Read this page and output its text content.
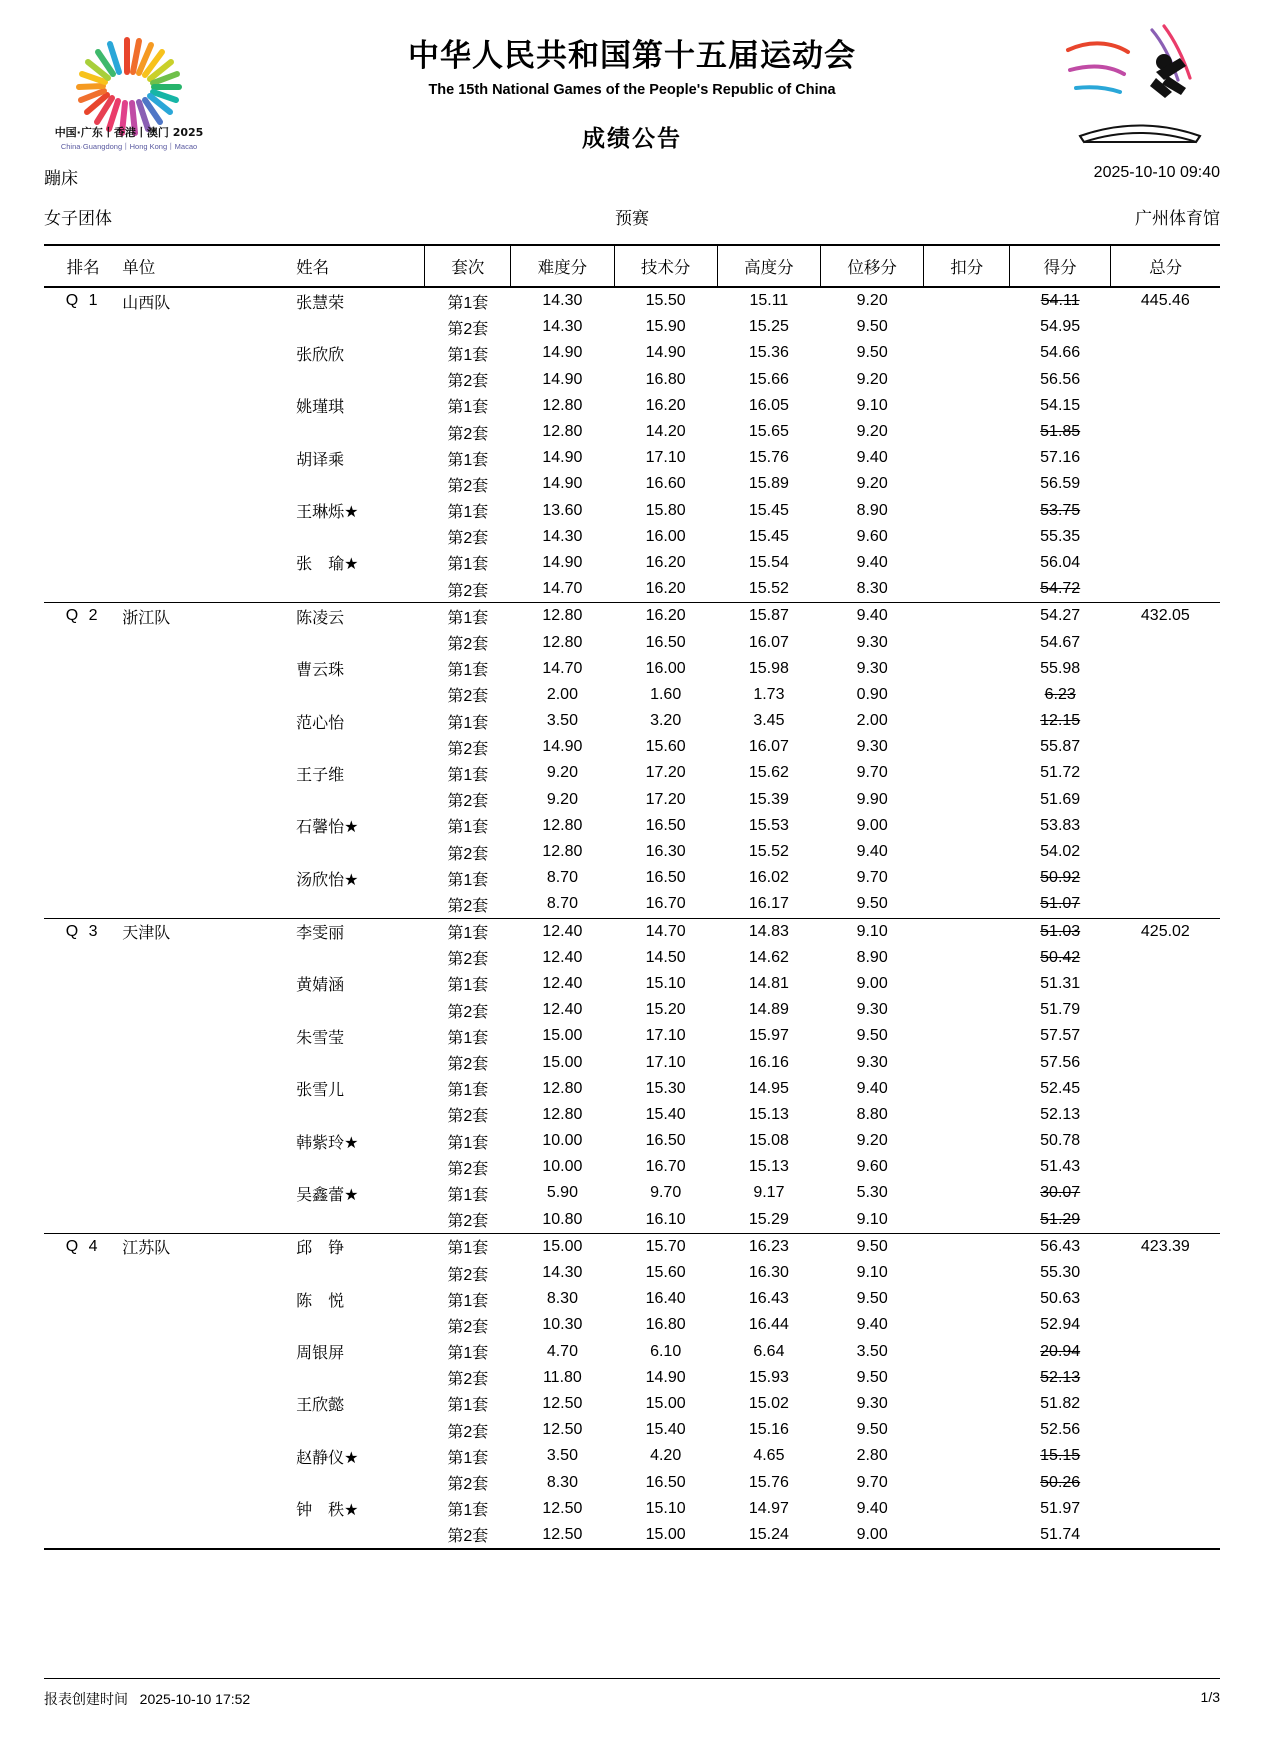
中国·广东丨香港丨澳门 2025
China·Guangdong丨Hong Kong丨Macao
中华人民共和国第十五届运动会
The 15th National Games of the People's Republic of China
成绩公告
蹦床	2025-10-10 09:40
女子团体	预赛	广州体育馆
排名	单位	姓名	套次	难度分	技术分	高度分	位移分	扣分	得分	总分
Q 1	山西队	张慧荣	第1套	14.30	15.50	15.11	9.20		54.11	445.46
			第2套	14.30	15.90	15.25	9.50		54.95	
		张欣欣	第1套	14.90	14.90	15.36	9.50		54.66	
			第2套	14.90	16.80	15.66	9.20		56.56	
		姚瑾琪	第1套	12.80	16.20	16.05	9.10		54.15	
			第2套	12.80	14.20	15.65	9.20		51.85	
		胡译乘	第1套	14.90	17.10	15.76	9.40		57.16	
			第2套	14.90	16.60	15.89	9.20		56.59	
		王琳烁★	第1套	13.60	15.80	15.45	8.90		53.75	
			第2套	14.30	16.00	15.45	9.60		55.35	
		张　瑜★	第1套	14.90	16.20	15.54	9.40		56.04	
			第2套	14.70	16.20	15.52	8.30		54.72	
Q 2	浙江队	陈凌云	第1套	12.80	16.20	15.87	9.40		54.27	432.05
			第2套	12.80	16.50	16.07	9.30		54.67	
		曹云珠	第1套	14.70	16.00	15.98	9.30		55.98	
			第2套	2.00	1.60	1.73	0.90		6.23	
		范心怡	第1套	3.50	3.20	3.45	2.00		12.15	
			第2套	14.90	15.60	16.07	9.30		55.87	
		王子维	第1套	9.20	17.20	15.62	9.70		51.72	
			第2套	9.20	17.20	15.39	9.90		51.69	
		石馨怡★	第1套	12.80	16.50	15.53	9.00		53.83	
			第2套	12.80	16.30	15.52	9.40		54.02	
		汤欣怡★	第1套	8.70	16.50	16.02	9.70		50.92	
			第2套	8.70	16.70	16.17	9.50		51.07	
Q 3	天津队	李雯丽	第1套	12.40	14.70	14.83	9.10		51.03	425.02
			第2套	12.40	14.50	14.62	8.90		50.42	
		黄婧涵	第1套	12.40	15.10	14.81	9.00		51.31	
			第2套	12.40	15.20	14.89	9.30		51.79	
		朱雪莹	第1套	15.00	17.10	15.97	9.50		57.57	
			第2套	15.00	17.10	16.16	9.30		57.56	
		张雪儿	第1套	12.80	15.30	14.95	9.40		52.45	
			第2套	12.80	15.40	15.13	8.80		52.13	
		韩紫玲★	第1套	10.00	16.50	15.08	9.20		50.78	
			第2套	10.00	16.70	15.13	9.60		51.43	
		吴鑫蕾★	第1套	5.90	9.70	9.17	5.30		30.07	
			第2套	10.80	16.10	15.29	9.10		51.29	
Q 4	江苏队	邱　铮	第1套	15.00	15.70	16.23	9.50		56.43	423.39
			第2套	14.30	15.60	16.30	9.10		55.30	
		陈　悦	第1套	8.30	16.40	16.43	9.50		50.63	
			第2套	10.30	16.80	16.44	9.40		52.94	
		周银屏	第1套	4.70	6.10	6.64	3.50		20.94	
			第2套	11.80	14.90	15.93	9.50		52.13	
		王欣懿	第1套	12.50	15.00	15.02	9.30		51.82	
			第2套	12.50	15.40	15.16	9.50		52.56	
		赵静仪★	第1套	3.50	4.20	4.65	2.80		15.15	
			第2套	8.30	16.50	15.76	9.70		50.26	
		钟　秩★	第1套	12.50	15.10	14.97	9.40		51.97	
			第2套	12.50	15.00	15.24	9.00		51.74	
报表创建时间 2025-10-10 17:52	1/3
